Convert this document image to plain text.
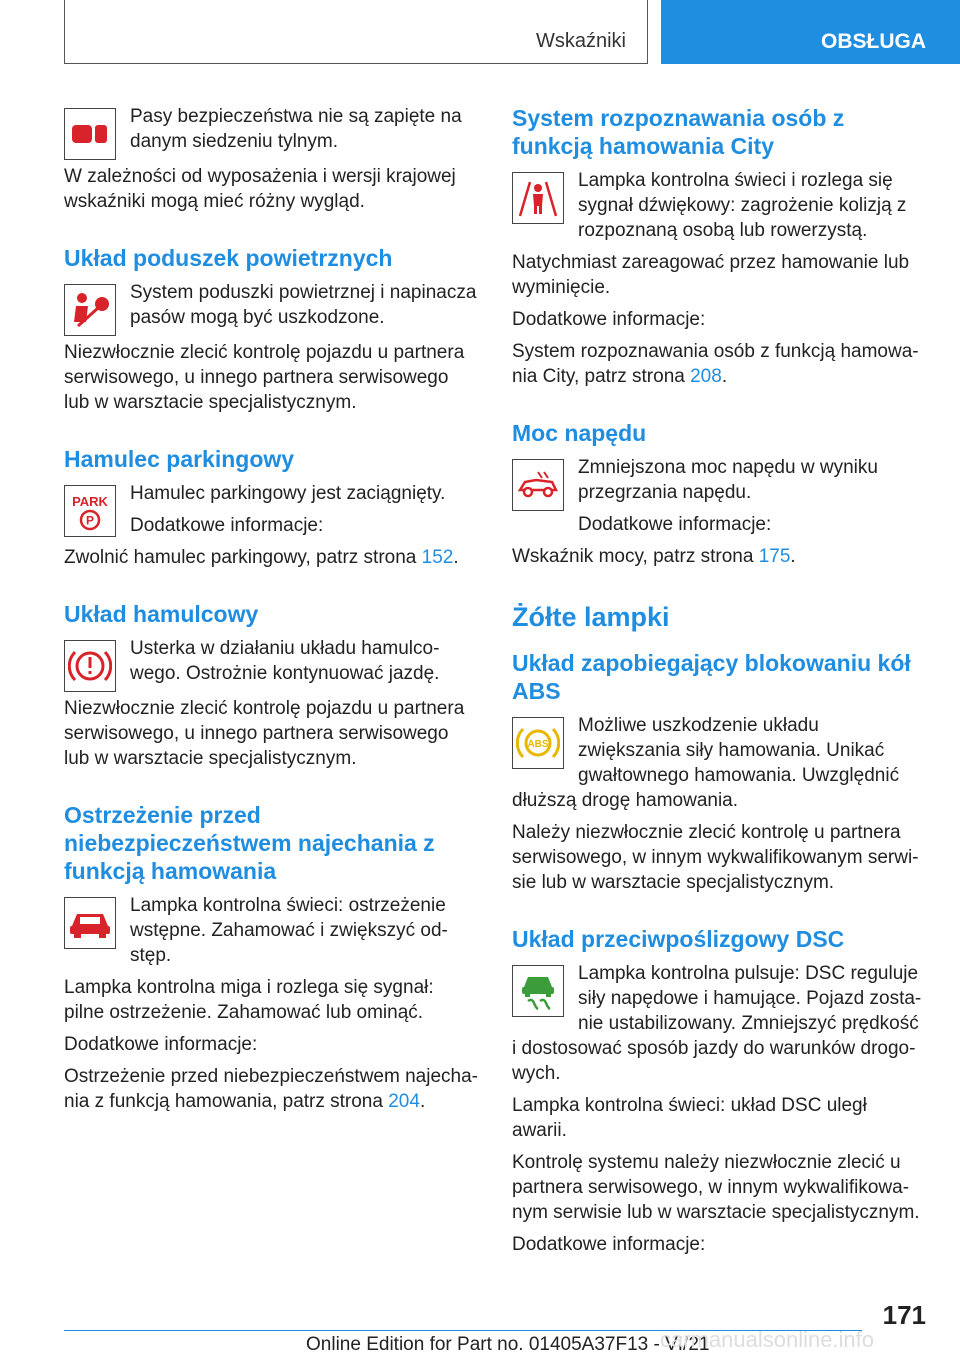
Wskaźniki	OBSŁUGA

Pasy bezpieczeństwa nie są zapięte na danym siedzeniu tylnym.

W zależności od wyposażenia i wersji krajowej wskaźniki mogą mieć różny wygląd.

Układ poduszek powietrznych

System poduszki powietrznej i napinacza pasów mogą być uszkodzone.

Niezwłocznie zlecić kontrolę pojazdu u partnera serwisowego, u innego partnera serwisowego lub w warsztacie specjalistycznym.

Hamulec parkingowy
PARK
P

Hamulec parkingowy jest zaciągnięty.

Dodatkowe informacje:

Zwolnić hamulec parkingowy, patrz strona 152.

Układ hamulcowy

Usterka w działaniu układu hamulcowego. Ostrożnie kontynuować jazdę.

Niezwłocznie zlecić kontrolę pojazdu u partnera serwisowego, u innego partnera serwisowego lub w warsztacie specjalistycznym.

Ostrzeżenie przed niebezpieczeństwem najechania z funkcją hamowania

Lampka kontrolna świeci: ostrzeżenie wstępne. Zahamować i zwiększyć odstęp.

Lampka kontrolna miga i rozlega się sygnał: pilne ostrzeżenie. Zahamować lub ominąć.

Dodatkowe informacje:

Ostrzeżenie przed niebezpieczeństwem najechania z funkcją hamowania, patrz strona 204.

System rozpoznawania osób z funkcją hamowania City

Lampka kontrolna świeci i rozlega się sygnał dźwiękowy: zagrożenie kolizją z rozpoznaną osobą lub rowerzystą.

Natychmiast zareagować przez hamowanie lub wyminięcie.

Dodatkowe informacje:

System rozpoznawania osób z funkcją hamowania City, patrz strona 208.

Moc napędu

Zmniejszona moc napędu w wyniku przegrzania napędu.

Dodatkowe informacje:

Wskaźnik mocy, patrz strona 175.

Żółte lampki
Układ zapobiegający blokowaniu kół ABS
ABS

Możliwe uszkodzenie układu zwiększania siły hamowania. Unikać gwałtownego hamowania. Uwzględnić dłuższą drogę hamowania.

Należy niezwłocznie zlecić kontrolę u partnera serwisowego, w innym wykwalifikowanym serwisie lub w warsztacie specjalistycznym.

Układ przeciwpoślizgowy DSC

Lampka kontrolna pulsuje: DSC reguluje siły napędowe i hamujące. Pojazd zostanie ustabilizowany. Zmniejszyć prędkość i dostosować sposób jazdy do warunków drogowych.

Lampka kontrolna świeci: układ DSC uległ awarii.

Kontrolę systemu należy niezwłocznie zlecić u partnera serwisowego, w innym wykwalifikowanym serwisie lub w warsztacie specjalistycznym.

Dodatkowe informacje:

171
Online Edition for Part no. 01405A37F13 - VI/21
carmanualsonline.info
